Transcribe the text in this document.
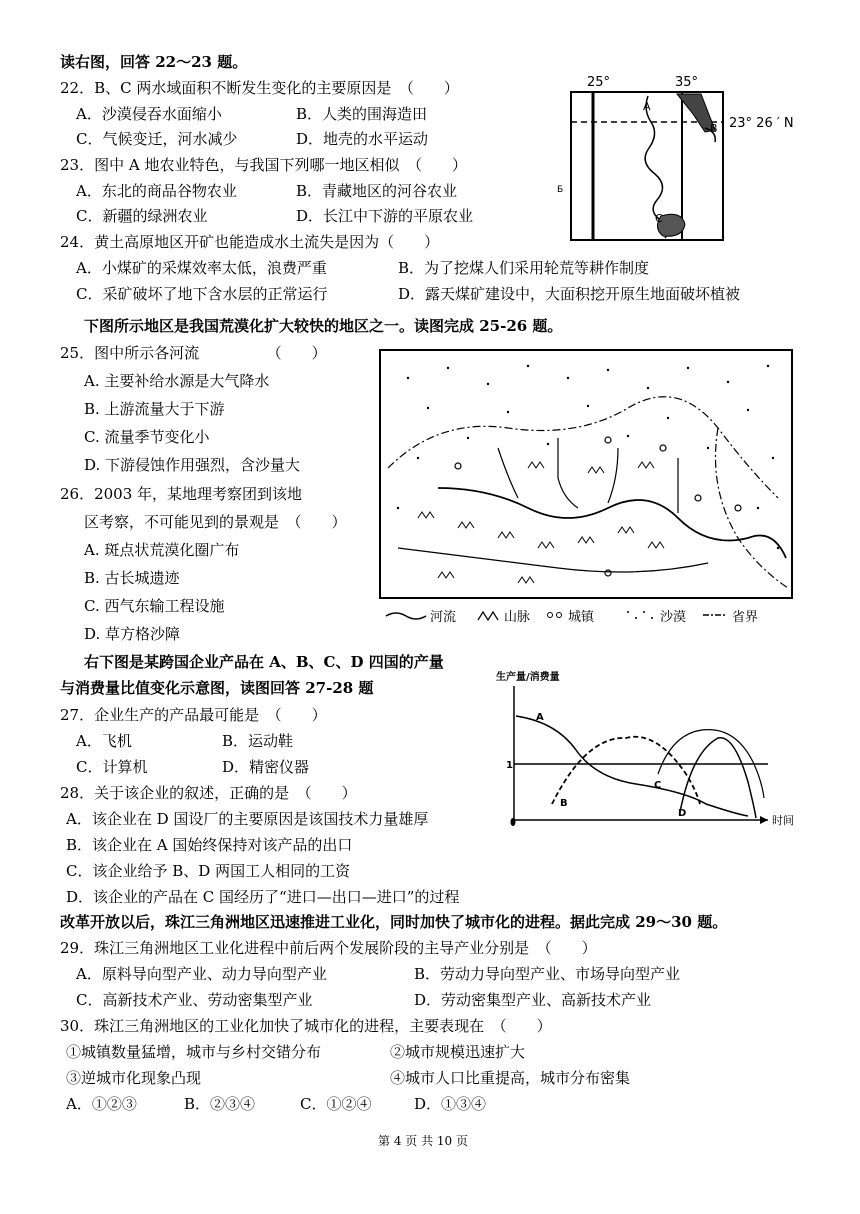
读右图，回答 22～23 题。
22．B、C 两水域面积不断发生变化的主要原因是　（　　）
A．沙漠侵吞水面缩小	B．人类的围海造田
C．气候变迁，河水减少	D．地壳的水平运动
23．图中 A 地农业特色，与我国下列哪一地区相似　（　　）
A．东北的商品谷物农业	B．青藏地区的河谷农业
C．新疆的绿洲农业	D．长江中下游的平原农业
24．黄土高原地区开矿也能造成水土流失是因为（　　）
A．小煤矿的采煤效率太低，浪费严重	B．为了挖煤人们采用轮荒等耕作制度
C．采矿破坏了地下含水层的正常运行	D．露天煤矿建设中，大面积挖开原生地面破坏植被
25°	35°
23° 26 ′ N
A
B
C
Б
下图所示地区是我国荒漠化扩大较快的地区之一。读图完成 25-26 题。
25．图中所示各河流　　　　　（　　）
A. 主要补给水源是大气降水
B. 上游流量大于下游
C. 流量季节变化小
D. 下游侵蚀作用强烈，含沙量大
26．2003 年，某地理考察团到该地
区考察，不可能见到的景观是　（　　）
A. 斑点状荒漠化圈广布
B. 古长城遗迹
C. 西气东输工程设施
D. 草方格沙障
河流	山脉	城镇	沙漠	省界
右下图是某跨国企业产品在 A、B、C、D 四国的产量
与消费量比值变化示意图，读图回答 27-28 题
27．企业生产的产品最可能是　（　　）
A．飞机	B．运动鞋
C．计算机	D．精密仪器
28．关于该企业的叙述，正确的是　（　　）
A．该企业在 D 国设厂的主要原因是该国技术力量雄厚
B．该企业在 A 国始终保持对该产品的出口
C．该企业给予 B、D 两国工人相同的工资
D．该企业的产品在 C 国经历了“进口—出口—进口”的过程
生产量/消费量
时间
1
A
B
C
D
改革开放以后，珠江三角洲地区迅速推进工业化，同时加快了城市化的进程。据此完成 29～30 题。
29．珠江三角洲地区工业化进程中前后两个发展阶段的主导产业分别是　（　　）
A．原料导向型产业、动力导向型产业	B．劳动力导向型产业、市场导向型产业
C．高新技术产业、劳动密集型产业	D．劳动密集型产业、高新技术产业
30．珠江三角洲地区的工业化加快了城市化的进程，主要表现在　（　　）
①城镇数量猛增，城市与乡村交错分布	②城市规模迅速扩大
③逆城市化现象凸现	④城市人口比重提高，城市分布密集
A．①②③	B．②③④	C．①②④	D．①③④
第 4 页 共 10 页
